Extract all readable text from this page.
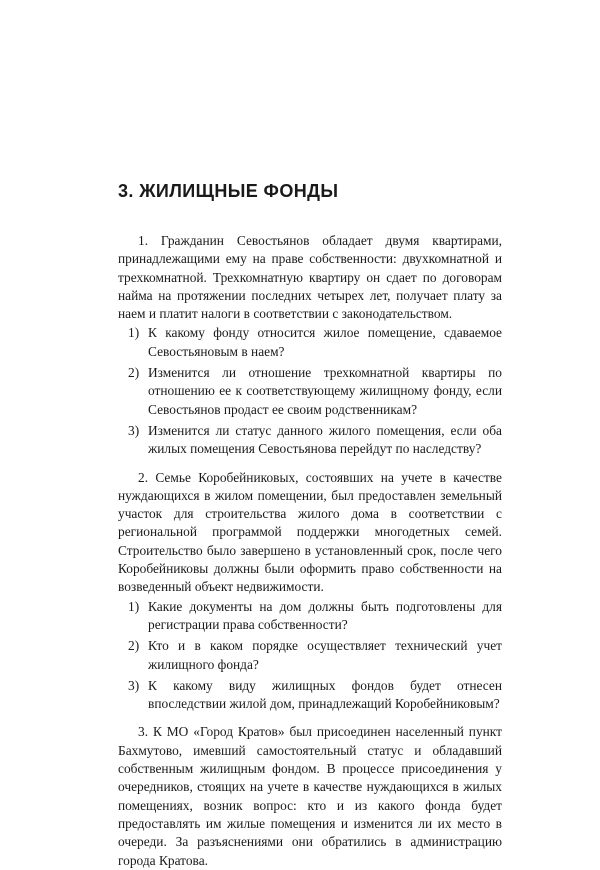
3. ЖИЛИЩНЫЕ ФОНДЫ

1. Гражданин Севостьянов обладает двумя квартирами, принадлежащими ему на праве собственности: двухкомнатной и трехкомнатной. Трехкомнатную квартиру он сдает по договорам найма на протяжении последних четырех лет, получает плату за наем и платит налоги в соответствии с законодательством.

1) К какому фонду относится жилое помещение, сдаваемое Севостьяновым в наем?
2) Изменится ли отношение трехкомнатной квартиры по отношению ее к соответствующему жилищному фонду, если Севостьянов продаст ее своим родственникам?
3) Изменится ли статус данного жилого помещения, если оба жилых помещения Севостьянова перейдут по наследству?

2. Семье Коробейниковых, состоявших на учете в качестве нуждающихся в жилом помещении, был предоставлен земельный участок для строительства жилого дома в соответствии с региональной программой поддержки многодетных семей. Строительство было завершено в установленный срок, после чего Коробейниковы должны были оформить право собственности на возведенный объект недвижимости.

1) Какие документы на дом должны быть подготовлены для регистрации права собственности?
2) Кто и в каком порядке осуществляет технический учет жилищного фонда?
3) К какому виду жилищных фондов будет отнесен впоследствии жилой дом, принадлежащий Коробейниковым?

3. К МО «Город Кратов» был присоединен населенный пункт Бахмутово, имевший самостоятельный статус и обладавший собственным жилищным фондом. В процессе присоединения у очередников, стоящих на учете в качестве нуждающихся в жилых помещениях, возник вопрос: кто и из какого фонда будет предоставлять им жилые помещения и изменится ли их место в очереди. За разъяснениями они обратились в администрацию города Кратова.
